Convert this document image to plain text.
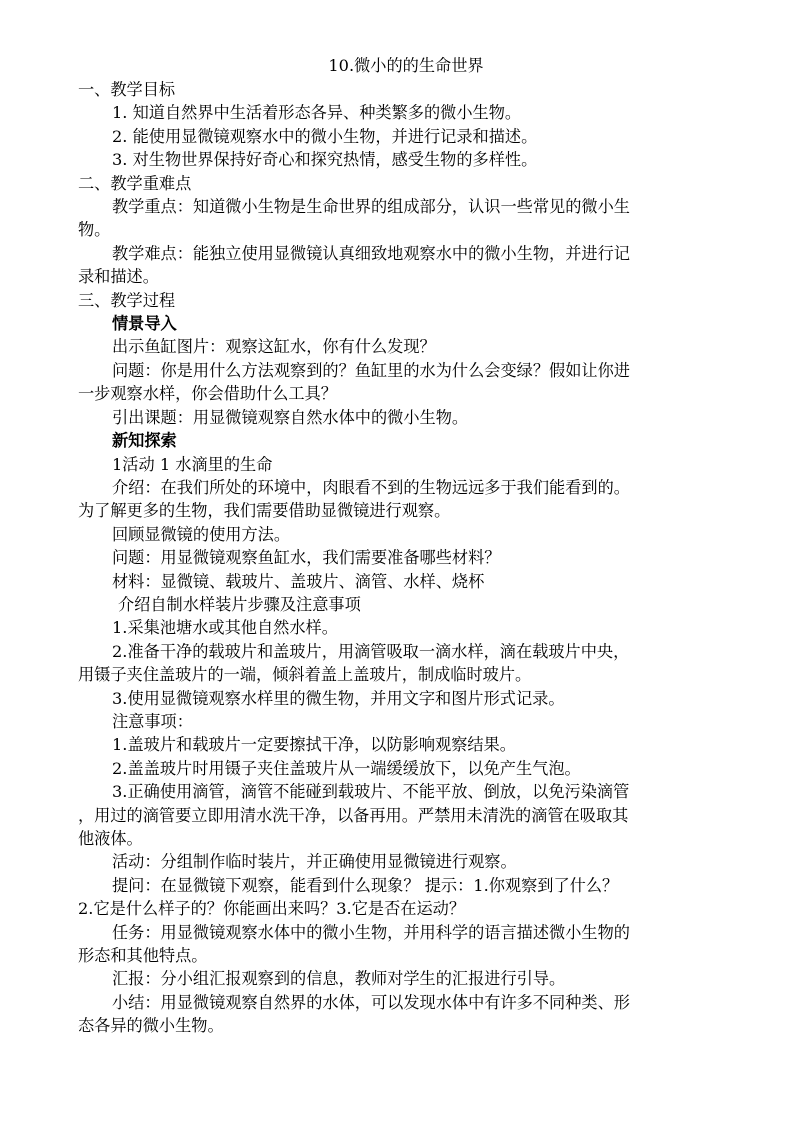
10.微小的的生命世界
一、教学目标
1. 知道自然界中生活着形态各异、种类繁多的微小生物。
2. 能使用显微镜观察水中的微小生物，并进行记录和描述。
3. 对生物世界保持好奇心和探究热情，感受生物的多样性。
二、教学重难点
教学重点：知道微小生物是生命世界的组成部分，认识一些常见的微小生
物。
教学难点：能独立使用显微镜认真细致地观察水中的微小生物，并进行记
录和描述。
三、教学过程
情景导入
出示鱼缸图片：观察这缸水，你有什么发现？
问题：你是用什么方法观察到的？鱼缸里的水为什么会变绿？假如让你进
一步观察水样，你会借助什么工具？
引出课题：用显微镜观察自然水体中的微小生物。
新知探索
1活动 1 水滴里的生命
介绍：在我们所处的环境中，肉眼看不到的生物远远多于我们能看到的。
为了解更多的生物，我们需要借助显微镜进行观察。
回顾显微镜的使用方法。
问题：用显微镜观察鱼缸水，我们需要准备哪些材料？
材料：显微镜、载玻片、盖玻片、滴管、水样、烧杯
介绍自制水样装片步骤及注意事项
1.采集池塘水或其他自然水样。
2.准备干净的载玻片和盖玻片，用滴管吸取一滴水样，滴在载玻片中央，
用镊子夹住盖玻片的一端，倾斜着盖上盖玻片，制成临时玻片。
3.使用显微镜观察水样里的微生物，并用文字和图片形式记录。
注意事项：
1.盖玻片和载玻片一定要擦拭干净，以防影响观察结果。
2.盖盖玻片时用镊子夹住盖玻片从一端缓缓放下，以免产生气泡。
3.正确使用滴管，滴管不能碰到载玻片、不能平放、倒放，以免污染滴管
，用过的滴管要立即用清水洗干净，以备再用。严禁用未清洗的滴管在吸取其
他液体。
活动：分组制作临时装片，并正确使用显微镜进行观察。
提问：在显微镜下观察，能看到什么现象？ 提示：1.你观察到了什么？
2.它是什么样子的？你能画出来吗？3.它是否在运动？
任务：用显微镜观察水体中的微小生物，并用科学的语言描述微小生物的
形态和其他特点。
汇报：分小组汇报观察到的信息，教师对学生的汇报进行引导。
小结：用显微镜观察自然界的水体，可以发现水体中有许多不同种类、形
态各异的微小生物。
